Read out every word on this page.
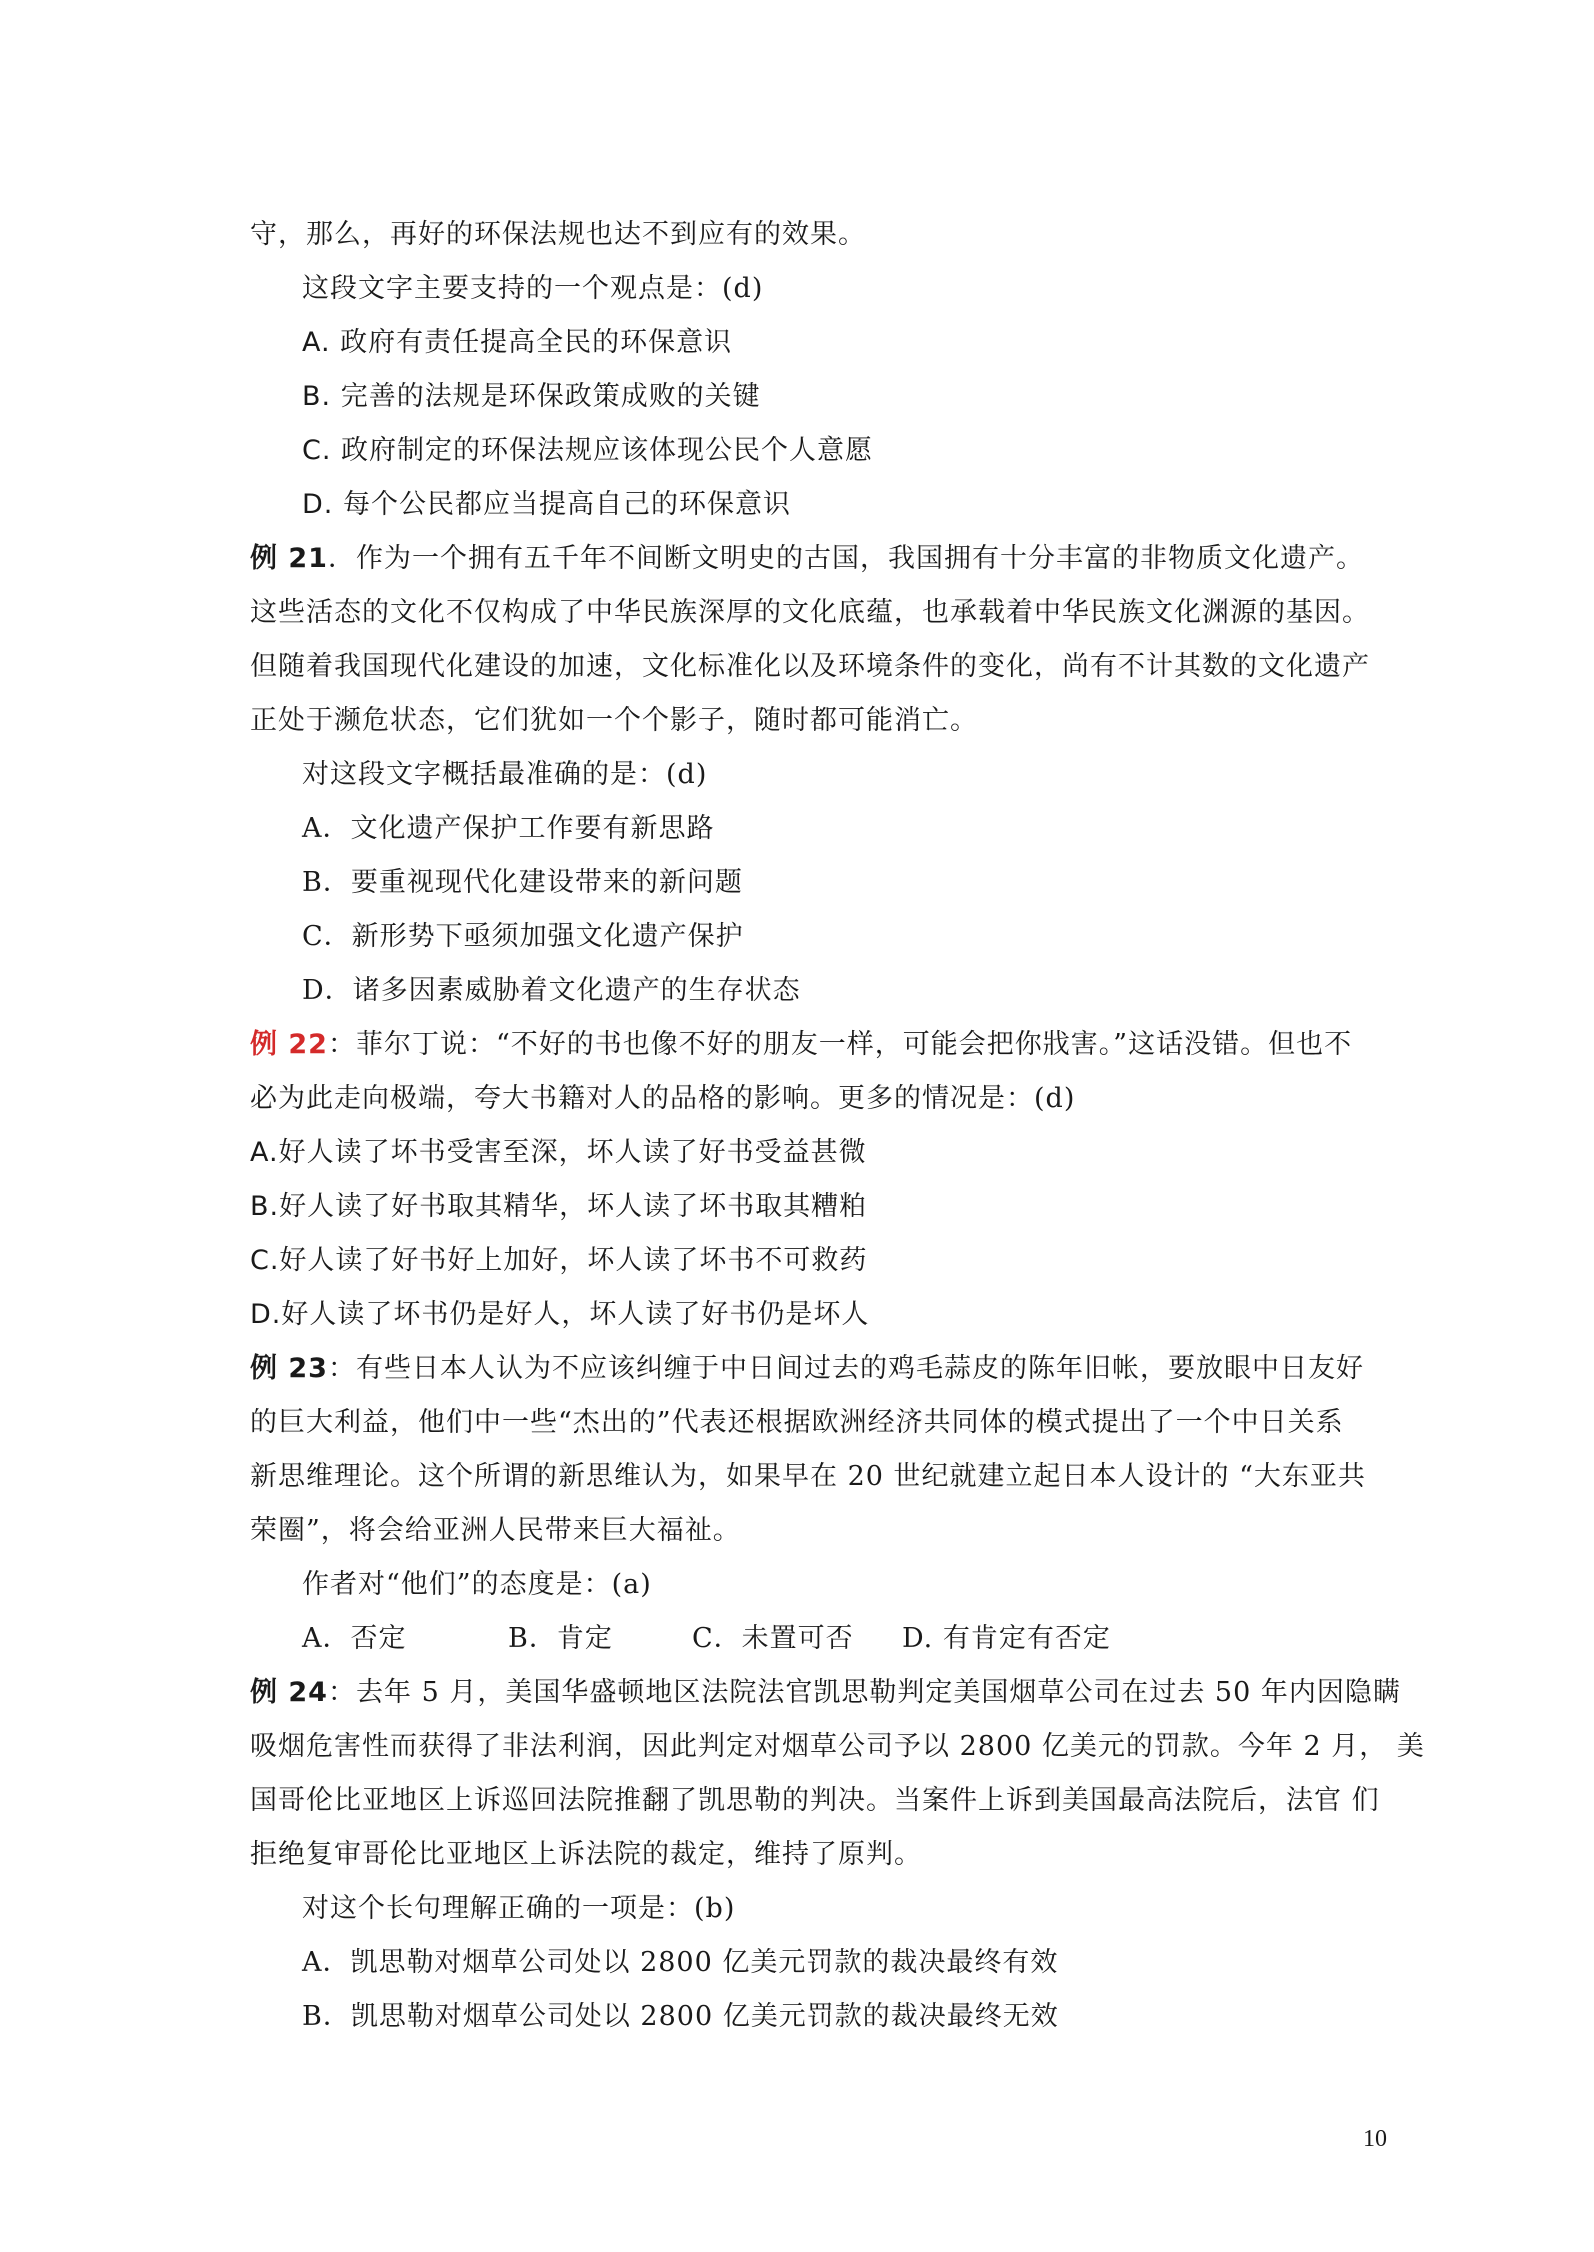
守，那么，再好的环保法规也达不到应有的效果。
这段文字主要支持的一个观点是：(d)
A. 政府有责任提高全民的环保意识
B. 完善的法规是环保政策成败的关键
C. 政府制定的环保法规应该体现公民个人意愿
D. 每个公民都应当提高自己的环保意识
例 21．作为一个拥有五千年不间断文明史的古国，我国拥有十分丰富的非物质文化遗产。
这些活态的文化不仅构成了中华民族深厚的文化底蕴，也承载着中华民族文化渊源的基因。
但随着我国现代化建设的加速，文化标准化以及环境条件的变化，尚有不计其数的文化遗产
正处于濒危状态，它们犹如一个个影子，随时都可能消亡。
对这段文字概括最准确的是：(d)
A．文化遗产保护工作要有新思路
B．要重视现代化建设带来的新问题
C．新形势下亟须加强文化遗产保护
D．诸多因素威胁着文化遗产的生存状态
例 22：菲尔丁说：“不好的书也像不好的朋友一样，可能会把你戕害。”这话没错。但也不
必为此走向极端，夸大书籍对人的品格的影响。更多的情况是：(d)
A.好人读了坏书受害至深，坏人读了好书受益甚微
B.好人读了好书取其精华，坏人读了坏书取其糟粕
C.好人读了好书好上加好，坏人读了坏书不可救药
D.好人读了坏书仍是好人，坏人读了好书仍是坏人
例 23：有些日本人认为不应该纠缠于中日间过去的鸡毛蒜皮的陈年旧帐，要放眼中日友好
的巨大利益，他们中一些“杰出的”代表还根据欧洲经济共同体的模式提出了一个中日关系
新思维理论。这个所谓的新思维认为，如果早在 20 世纪就建立起日本人设计的 “大东亚共
荣圈”，将会给亚洲人民带来巨大福祉。
作者对“他们”的态度是：(a)
A．否定	B．肯定	C．未置可否	D. 有肯定有否定
例 24：去年 5 月，美国华盛顿地区法院法官凯思勒判定美国烟草公司在过去 50 年内因隐瞒
吸烟危害性而获得了非法利润，因此判定对烟草公司予以 2800 亿美元的罚款。今年 2 月， 美
国哥伦比亚地区上诉巡回法院推翻了凯思勒的判决。当案件上诉到美国最高法院后，法官 们
拒绝复审哥伦比亚地区上诉法院的裁定，维持了原判。
对这个长句理解正确的一项是：(b)
A．凯思勒对烟草公司处以 2800 亿美元罚款的裁决最终有效
B．凯思勒对烟草公司处以 2800 亿美元罚款的裁决最终无效
10
